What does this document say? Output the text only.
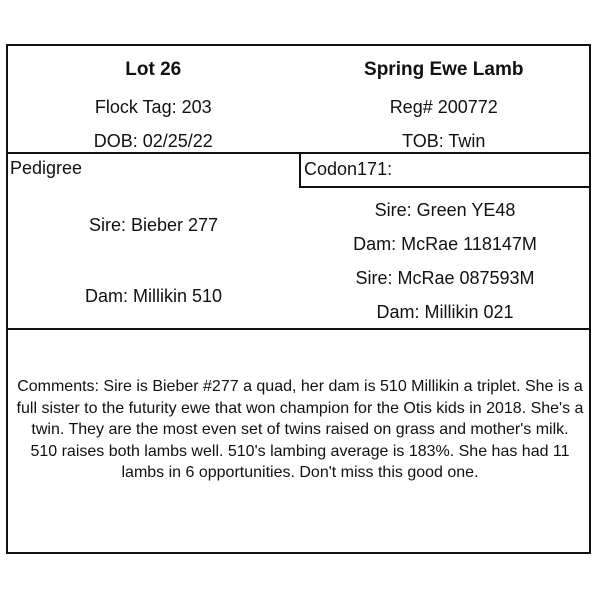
Lot 26
Flock Tag: 203
DOB: 02/25/22
Spring Ewe Lamb
Reg# 200772
TOB: Twin
Pedigree	Codon171:
Sire: Bieber 277
Dam: Millikin 510
Sire: Green YE48
Dam: McRae 118147M
Sire: McRae 087593M
Dam: Millikin 021
Comments: Sire is Bieber #277 a quad, her dam is 510 Millikin a triplet. She is a full sister to the futurity ewe that won champion for the Otis kids in 2018. She's a twin. They are the most even set of twins raised on grass and mother's milk. 510 raises both lambs well. 510's lambing average is 183%. She has had 11 lambs in 6 opportunities. Don't miss this good one.
